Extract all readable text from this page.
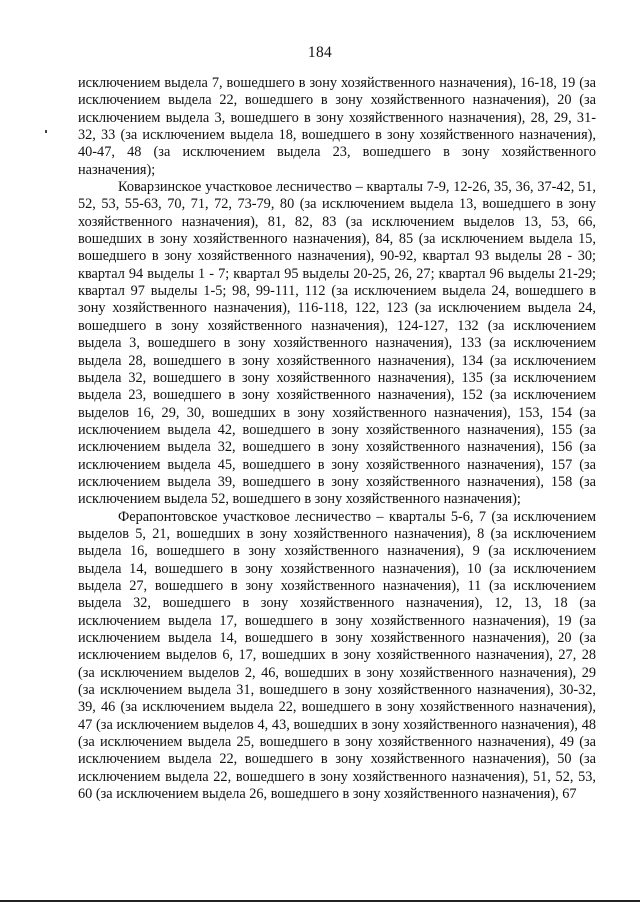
184

исключением выдела 7, вошедшего в зону хозяйственного назначения), 16-18, 19 (за исключением выдела 22, вошедшего в зону хозяйственного назначения), 20 (за исключением выдела 3, вошедшего в зону хозяйственного назначения), 28, 29, 31-32, 33 (за исключением выдела 18, вошедшего в зону хозяйственного назначения), 40-47, 48 (за исключением выдела 23, вошедшего в зону хозяйственного назначения);

Коварзинское участковое лесничество – кварталы 7-9, 12-26, 35, 36, 37-42, 51, 52, 53, 55-63, 70, 71, 72, 73-79, 80 (за исключением выдела 13, вошедшего в зону хозяйственного назначения), 81, 82, 83 (за исключением выделов 13, 53, 66, вошедших в зону хозяйственного назначения), 84, 85 (за исключением выдела 15, вошедшего в зону хозяйственного назначения), 90-92, квартал 93 выделы 28 - 30; квартал 94 выделы 1 - 7; квартал 95 выделы 20-25, 26, 27; квартал 96 выделы 21-29; квартал 97 выделы 1-5; 98, 99-111, 112 (за исключением выдела 24, вошедшего в зону хозяйственного назначения), 116-118, 122, 123 (за исключением выдела 24, вошедшего в зону хозяйственного назначения), 124-127, 132 (за исключением выдела 3, вошедшего в зону хозяйственного назначения), 133 (за исключением выдела 28, вошедшего в зону хозяйственного назначения), 134 (за исключением выдела 32, вошедшего в зону хозяйственного назначения), 135 (за исключением выдела 23, вошедшего в зону хозяйственного назначения), 152 (за исключением выделов 16, 29, 30, вошедших в зону хозяйственного назначения), 153, 154 (за исключением выдела 42, вошедшего в зону хозяйственного назначения), 155 (за исключением выдела 32, вошедшего в зону хозяйственного назначения), 156 (за исключением выдела 45, вошедшего в зону хозяйственного назначения), 157 (за исключением выдела 39, вошедшего в зону хозяйственного назначения), 158 (за исключением выдела 52, вошедшего в зону хозяйственного назначения);

Ферапонтовское участковое лесничество – кварталы 5-6, 7 (за исключением выделов 5, 21, вошедших в зону хозяйственного назначения), 8 (за исключением выдела 16, вошедшего в зону хозяйственного назначения), 9 (за исключением выдела 14, вошедшего в зону хозяйственного назначения), 10 (за исключением выдела 27, вошедшего в зону хозяйственного назначения), 11 (за исключением выдела 32, вошедшего в зону хозяйственного назначения), 12, 13, 18 (за исключением выдела 17, вошедшего в зону хозяйственного назначения), 19 (за исключением выдела 14, вошедшего в зону хозяйственного назначения), 20 (за исключением выделов 6, 17, вошедших в зону хозяйственного назначения), 27, 28 (за исключением выделов 2, 46, вошедших в зону хозяйственного назначения), 29 (за исключением выдела 31, вошедшего в зону хозяйственного назначения), 30-32, 39, 46 (за исключением выдела 22, вошедшего в зону хозяйственного назначения), 47 (за исключением выделов 4, 43, вошедших в зону хозяйственного назначения), 48 (за исключением выдела 25, вошедшего в зону хозяйственного назначения), 49 (за исключением выдела 22, вошедшего в зону хозяйственного назначения), 50 (за исключением выдела 22, вошедшего в зону хозяйственного назначения), 51, 52, 53, 60 (за исключением выдела 26, вошедшего в зону хозяйственного назначения), 67
